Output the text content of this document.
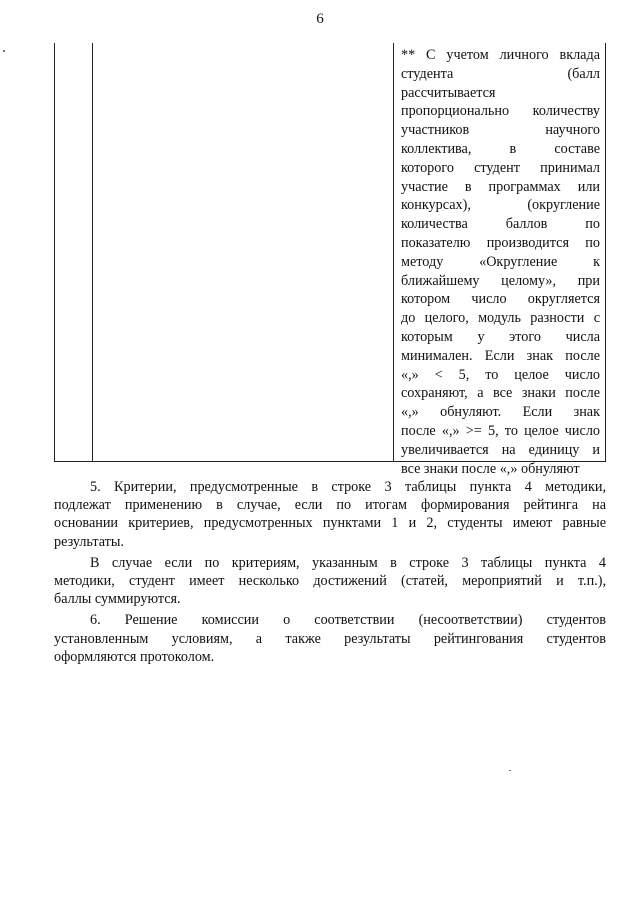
6
** С учетом личного вклада
студента (балл
рассчитывается
пропорционально количеству
участников научного
коллектива, в составе
которого студент принимал
участие в программах или
конкурсах), (округление
количества баллов по
показателю производится по
методу «Округление к
ближайшему целому», при
котором число округляется
до целого, модуль разности с
которым у этого числа
минимален. Если знак после
«,» < 5, то целое число
сохраняют, а все знаки после
«,» обнуляют. Если знак
после «,» >= 5, то целое число
увеличивается на единицу и
все знаки после «,» обнуляют
5. Критерии, предусмотренные в строке 3 таблицы пункта 4 методики,
подлежат применению в случае, если по итогам формирования рейтинга на
основании критериев, предусмотренных пунктами 1 и 2, студенты имеют равные
результаты.
В случае если по критериям, указанным в строке 3 таблицы пункта 4
методики, студент имеет несколько достижений (статей, мероприятий и т.п.),
баллы суммируются.
6. Решение комиссии о соответствии (несоответствии) студентов
установленным условиям, а также результаты рейтингования студентов
оформляются протоколом.
